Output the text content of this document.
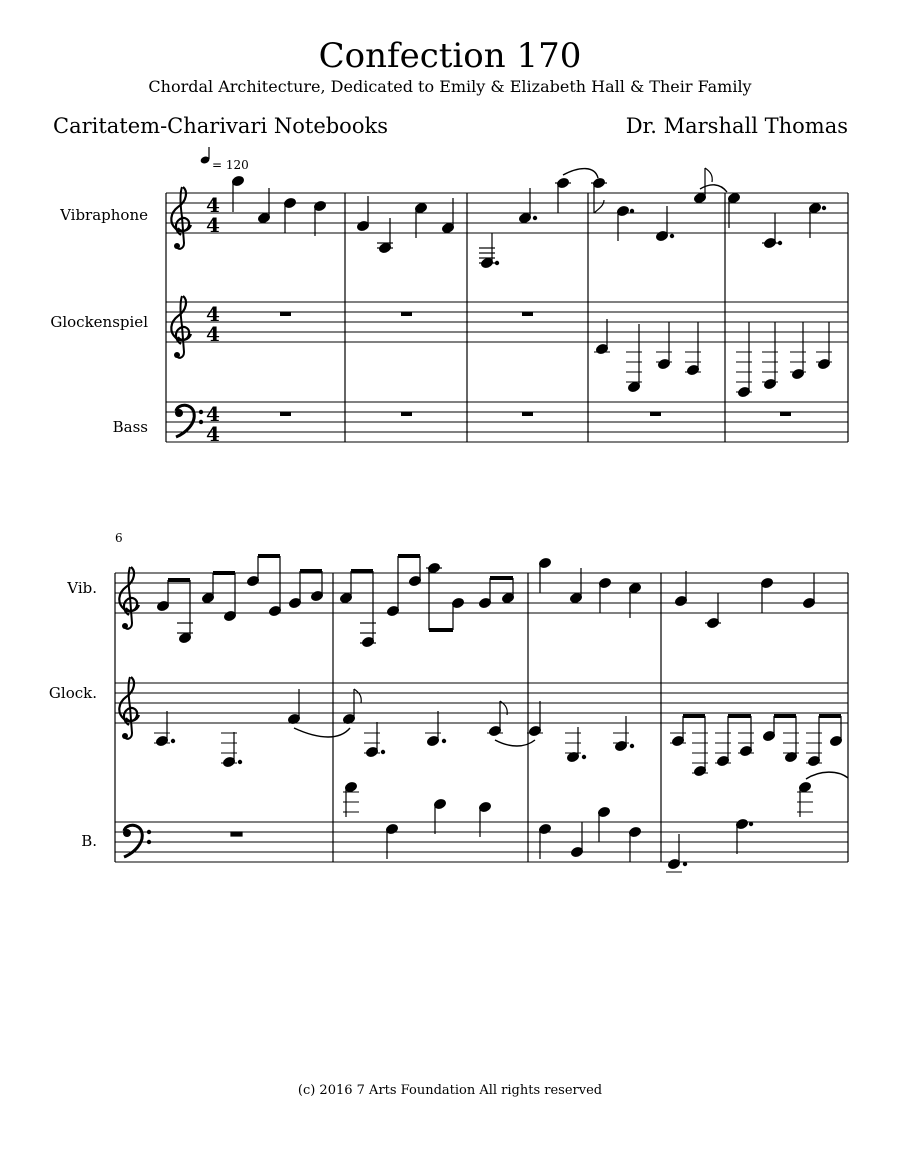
Confection 170
Chordal Architecture, Dedicated to Emily & Elizabeth Hall & Their Family
Caritatem-Charivari Notebooks	Dr. Marshall Thomas
= 120
4
4
4
4
4
4
6
Vibraphone
Glockenspiel
Bass
Vib.
Glock.
B.
(c) 2016 7 Arts Foundation All rights reserved
